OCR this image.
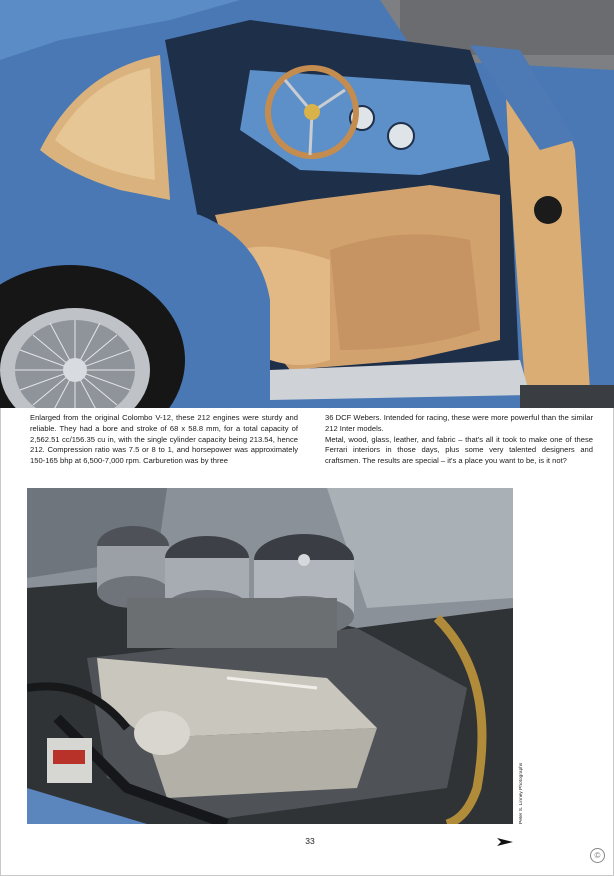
Enlarged from the original Colombo V-12, these 212 engines were sturdy and reliable. They had a bore and stroke of 68 x 58.8 mm, for a total capacity of 2,562.51 cc/156.35 cu in, with the single cylinder capacity being 213.54, hence 212. Compression ratio was 7.5 or 8 to 1, and horsepower was approximately 150-165 bhp at 6,500-7,000 rpm. Carburetion was by three

36 DCF Webers. Intended for racing, these were more powerful than the similar 212 Inter models.

Metal, wood, glass, leather, and fabric – that's all it took to make one of these Ferrari interiors in those days, plus some very talented designers and craftsmen. The results are special – it's a place you want to be, is it not?

Peter S. Linney Photographs
33
©
